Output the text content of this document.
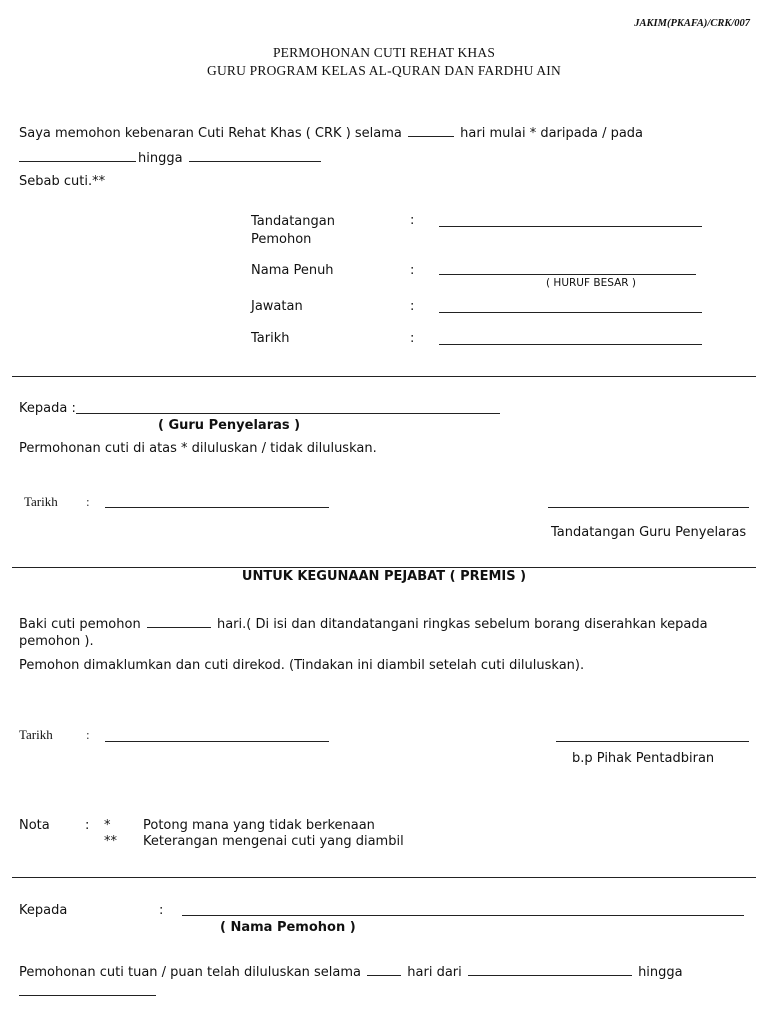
JAKIM(PKAFA)/CRK/007
PERMOHONAN CUTI REHAT KHAS
GURU PROGRAM KELAS AL-QURAN DAN FARDHU AIN
Saya memohon kebenaran Cuti Rehat Khas ( CRK ) selama	hari mulai * daripada / pada
hingga
Sebab cuti.**
Tandatangan
Pemohon
:
Nama Penuh	:
( HURUF BESAR )
Jawatan	:
Tarikh	:
Kepada :
( Guru Penyelaras )
Permohonan cuti di atas * diluluskan / tidak diluluskan.
Tarikh :
Tandatangan Guru Penyelaras
UNTUK KEGUNAAN PEJABAT ( PREMIS )
Baki cuti pemohon	hari.( Di isi dan ditandatangani ringkas sebelum borang diserahkan kepada
pemohon ).
Pemohon dimaklumkan dan cuti direkod. (Tindakan ini diambil setelah cuti diluluskan).
Tarikh	:
b.p Pihak Pentadbiran
Nota	: *	Potong mana yang tidak berkenaan
** Keterangan mengenai cuti yang diambil
Kepada	:
( Nama Pemohon )
Pemohonan cuti tuan / puan telah diluluskan selama	hari dari	hingga
